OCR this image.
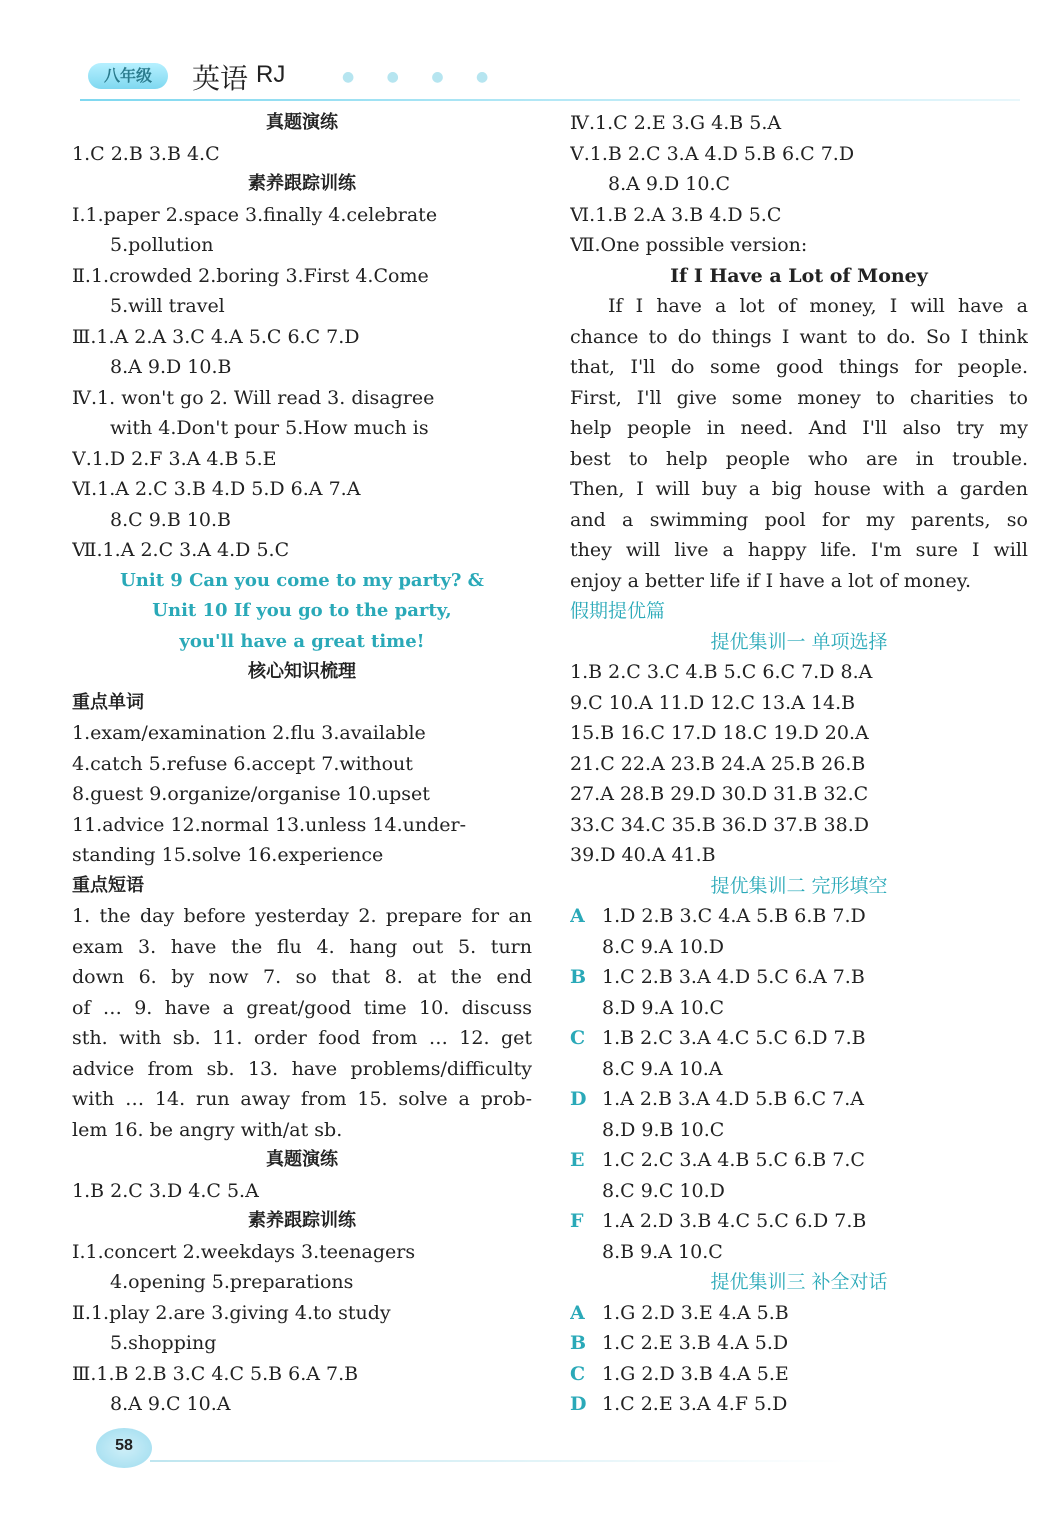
八年级	英语 RJ	● ● ● ●
真题演练
1.C 2.B 3.B 4.C
素养跟踪训练
Ⅰ.1.paper 2.space 3.finally 4.celebrate
5.pollution
Ⅱ.1.crowded 2.boring 3.First 4.Come
5.will travel
Ⅲ.1.A 2.A 3.C 4.A 5.C 6.C 7.D
8.A 9.D 10.B
Ⅳ.1. won't go 2. Will read 3. disagree
with 4.Don't pour 5.How much is
Ⅴ.1.D 2.F 3.A 4.B 5.E
Ⅵ.1.A 2.C 3.B 4.D 5.D 6.A 7.A
8.C 9.B 10.B
Ⅶ.1.A 2.C 3.A 4.D 5.C
Unit 9 Can you come to my party? &
Unit 10 If you go to the party,
you'll have a great time!
核心知识梳理
重点单词
1.exam/examination 2.flu 3.available
4.catch 5.refuse 6.accept 7.without
8.guest 9.organize/organise 10.upset
11.advice 12.normal 13.unless 14.under-
standing 15.solve 16.experience
重点短语
1. the day before yesterday 2. prepare for an
exam 3. have the flu 4. hang out 5. turn
down 6. by now 7. so that 8. at the end
of … 9. have a great/good time 10. discuss
sth. with sb. 11. order food from … 12. get
advice from sb. 13. have problems/difficulty
with … 14. run away from 15. solve a prob-
lem 16. be angry with/at sb.
真题演练
1.B 2.C 3.D 4.C 5.A
素养跟踪训练
Ⅰ.1.concert 2.weekdays 3.teenagers
4.opening 5.preparations
Ⅱ.1.play 2.are 3.giving 4.to study
5.shopping
Ⅲ.1.B 2.B 3.C 4.C 5.B 6.A 7.B
8.A 9.C 10.A
Ⅳ.1.C 2.E 3.G 4.B 5.A
Ⅴ.1.B 2.C 3.A 4.D 5.B 6.C 7.D
8.A 9.D 10.C
Ⅵ.1.B 2.A 3.B 4.D 5.C
Ⅶ.One possible version:
If I Have a Lot of Money
If I have a lot of money, I will have a
chance to do things I want to do. So I think
that, I'll do some good things for people.
First, I'll give some money to charities to
help people in need. And I'll also try my
best to help people who are in trouble.
Then, I will buy a big house with a garden
and a swimming pool for my parents, so
they will live a happy life. I'm sure I will
enjoy a better life if I have a lot of money.
假期提优篇
提优集训一 单项选择
1.B 2.C 3.C 4.B 5.C 6.C 7.D 8.A
9.C 10.A 11.D 12.C 13.A 14.B
15.B 16.C 17.D 18.C 19.D 20.A
21.C 22.A 23.B 24.A 25.B 26.B
27.A 28.B 29.D 30.D 31.B 32.C
33.C 34.C 35.B 36.D 37.B 38.D
39.D 40.A 41.B
提优集训二 完形填空
A 1.D 2.B 3.C 4.A 5.B 6.B 7.D
8.C 9.A 10.D
B 1.C 2.B 3.A 4.D 5.C 6.A 7.B
8.D 9.A 10.C
C 1.B 2.C 3.A 4.C 5.C 6.D 7.B
8.C 9.A 10.A
D 1.A 2.B 3.A 4.D 5.B 6.C 7.A
8.D 9.B 10.C
E 1.C 2.C 3.A 4.B 5.C 6.B 7.C
8.C 9.C 10.D
F 1.A 2.D 3.B 4.C 5.C 6.D 7.B
8.B 9.A 10.C
提优集训三 补全对话
A 1.G 2.D 3.E 4.A 5.B
B 1.C 2.E 3.B 4.A 5.D
C 1.G 2.D 3.B 4.A 5.E
D 1.C 2.E 3.A 4.F 5.D
58
